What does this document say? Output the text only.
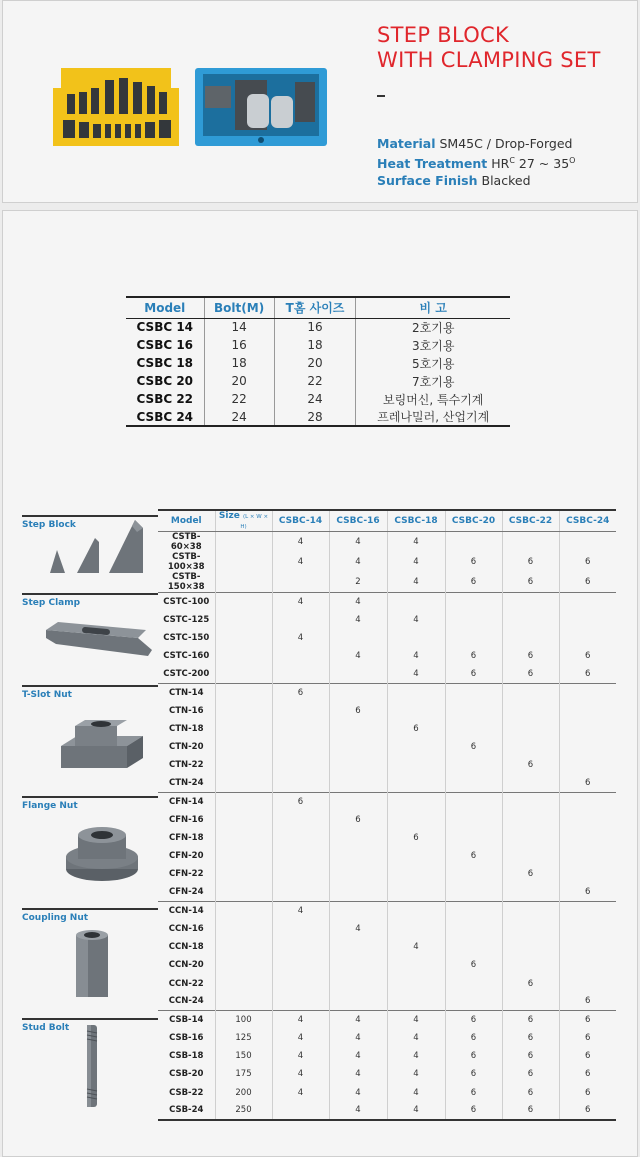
STEP BLOCK
WITH CLAMPING SET
Material SM45C / Drop-Forged
Heat Treatment $HR^C$ 27 ~ $35^O$
Surface Finish Blacked
Model	Bolt(M)	T홈 사이즈	비 고
CSBC 14	14	16	2호기용
CSBC 16	16	18	3호기용
CSBC 18	18	20	5호기용
CSBC 20	20	22	7호기용
CSBC 22	22	24	보링머신, 특수기계
CSBC 24	24	28	프레나밀러, 산업기계
Step Block
Step Clamp
T-Slot Nut
Flange Nut
Coupling Nut
Stud Bolt
Model	Size (L × W × H)	CSBC-14	CSBC-16	CSBC-18	CSBC-20	CSBC-22	CSBC-24
CSTB-60×38		4	4	4			
CSTB-100×38		4	4	4	6	6	6
CSTB-150×38			2	4	6	6	6
CSTC-100		4	4				
CSTC-125			4	4			
CSTC-150		4					
CSTC-160			4	4	6	6	6
CSTC-200				4	6	6	6
CTN-14		6					
CTN-16			6				
CTN-18				6			
CTN-20					6		
CTN-22						6	
CTN-24							6
CFN-14		6					
CFN-16			6				
CFN-18				6			
CFN-20					6		
CFN-22						6	
CFN-24							6
CCN-14		4					
CCN-16			4				
CCN-18				4			
CCN-20					6		
CCN-22						6	
CCN-24							6
CSB-14	100	4	4	4	6	6	6
CSB-16	125	4	4	4	6	6	6
CSB-18	150	4	4	4	6	6	6
CSB-20	175	4	4	4	6	6	6
CSB-22	200	4	4	4	6	6	6
CSB-24	250		4	4	6	6	6
